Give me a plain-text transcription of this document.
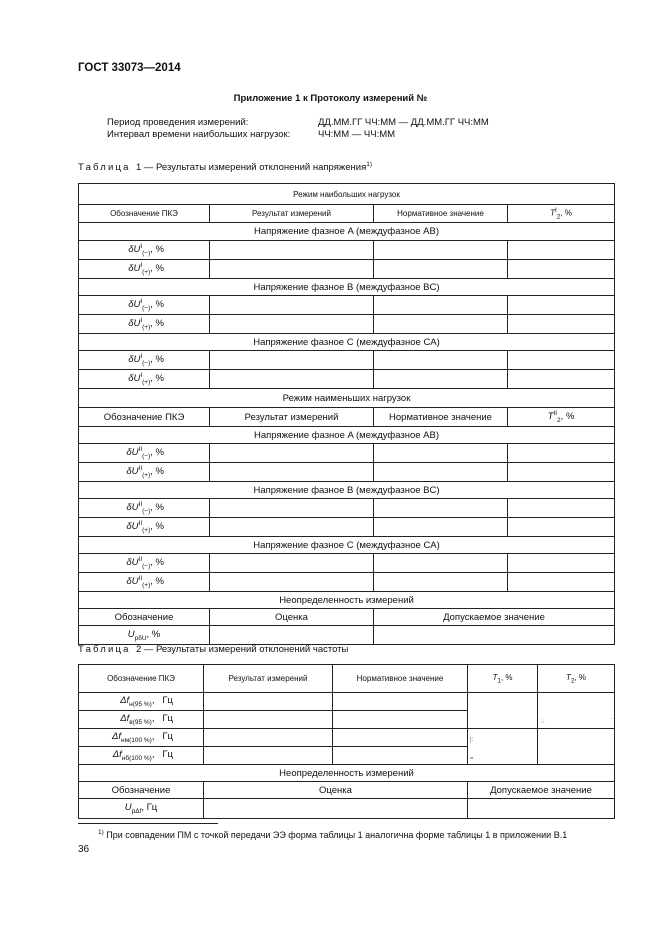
ГОСТ 33073—2014
Приложение 1 к Протоколу измерений №
Период проведения измерений:	ДД.ММ.ГГ ЧЧ:ММ — ДД.ММ.ГГ ЧЧ:ММ
Интервал времени наибольших нагрузок:	ЧЧ:ММ — ЧЧ:ММ
Таблица 1 — Результаты измерений отклонений напряжения$^{1)}$
Режим наибольших нагрузок			
Обозначение ПКЭ	Результат измерений	Нормативное значение	$T^I_2$, %
Напряжение фазное A (междуфазное AB)			
$\delta U^I_{(-)}$, %			
$\delta U^I_{(+)}$, %			
Напряжение фазное B (междуфазное BC)			
$\delta U^I_{(-)}$, %			
$\delta U^I_{(+)}$, %			
Напряжение фазное C (междуфазное CA)			
$\delta U^I_{(-)}$, %			
$\delta U^I_{(+)}$, %			
Режим наименьших нагрузок			
Обозначение ПКЭ	Результат измерений	Нормативное значение	$T^{II}_2$, %
Напряжение фазное A (междуфазное AB)			
$\delta U^{II}_{(-)}$, %			
$\delta U^{II}_{(+)}$, %			
Напряжение фазное B (междуфазное BC)			
$\delta U^{II}_{(-)}$, %			
$\delta U^{II}_{(+)}$, %			
Напряжение фазное C (междуфазное CA)			
$\delta U^{II}_{(-)}$, %			
$\delta U^{II}_{(+)}$, %			
Неопределенность измерений			
Обозначение	Оценка	Допускаемое значение	
$U_{р\delta U}$, %			
Таблица 2 — Результаты измерений отклонений частоты
Обозначение ПКЭ	Результат измерений	Нормативное значение	$T_1$, %	$T_2$, %
$\Delta f_{н(95 \%)}$,   Гц				:- `

$\Delta f_{в(95 \%)}$,   Гц				
$\Delta f_{нм(100 \%)}$,   Гц			|:
=	

$\Delta f_{нб(100 \%)}$,   Гц				
Неопределенность измерений				
Обозначение	Оценка		Допускаемое значение	
$U_{р\Delta f}$, Гц				
$^{1)}$ При совпадении ПМ с точкой передачи ЭЭ форма таблицы 1 аналогична форме таблицы 1 в приложении В.1
36
